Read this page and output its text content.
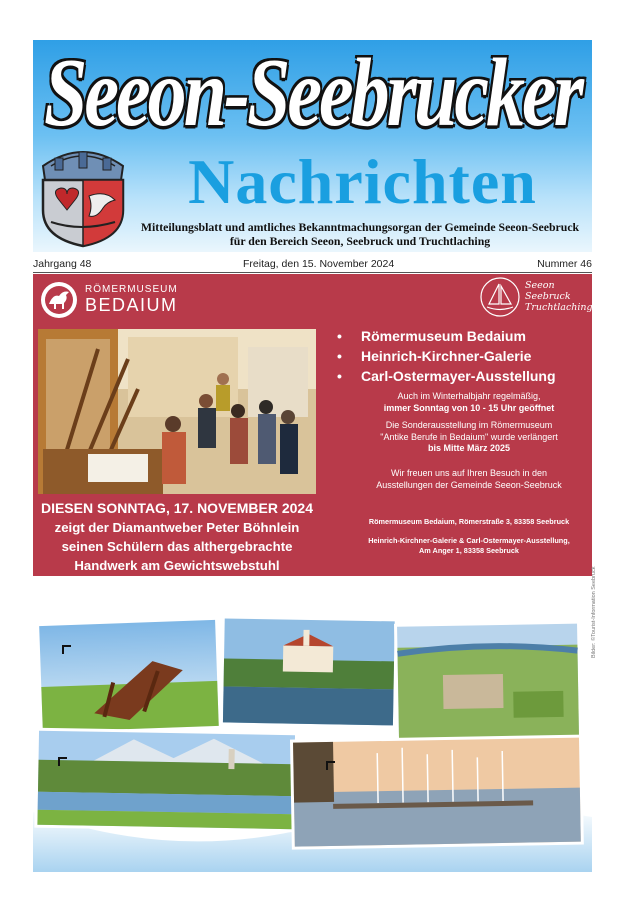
Seeon-Seebrucker
Nachrichten
Mitteilungsblatt und amtliches Bekanntmachungsorgan der Gemeinde Seeon-Seebruck
für den Bereich Seeon, Seebruck und Truchtlaching
Jahrgang 48	Freitag, den 15. November 2024	Nummer 46
RÖMERMUSEUM
BEDAIUM
Seeon
Seebruck
Truchtlaching
• Römermuseum Bedaium
• Heinrich-Kirchner-Galerie
• Carl-Ostermayer-Ausstellung
Auch im Winterhalbjahr regelmäßig,
immer Sonntag von 10 - 15 Uhr geöffnet
Die Sonderausstellung im Römermuseum
"Antike Berufe in Bedaium" wurde verlängert
bis Mitte März 2025
Wir freuen uns auf Ihren Besuch in den
Ausstellungen der Gemeinde Seeon-Seebruck
Römermuseum Bedaium, Römerstraße 3, 83358 Seebruck
Heinrich-Kirchner-Galerie & Carl-Ostermayer-Ausstellung,
Am Anger 1, 83358 Seebruck
DIESEN SONNTAG, 17. NOVEMBER 2024
zeigt der Diamantweber Peter Böhnlein
seinen Schülern das althergebrachte
Handwerk am Gewichtswebstuhl
Bilder: ©Tourist-Information Seebruck
